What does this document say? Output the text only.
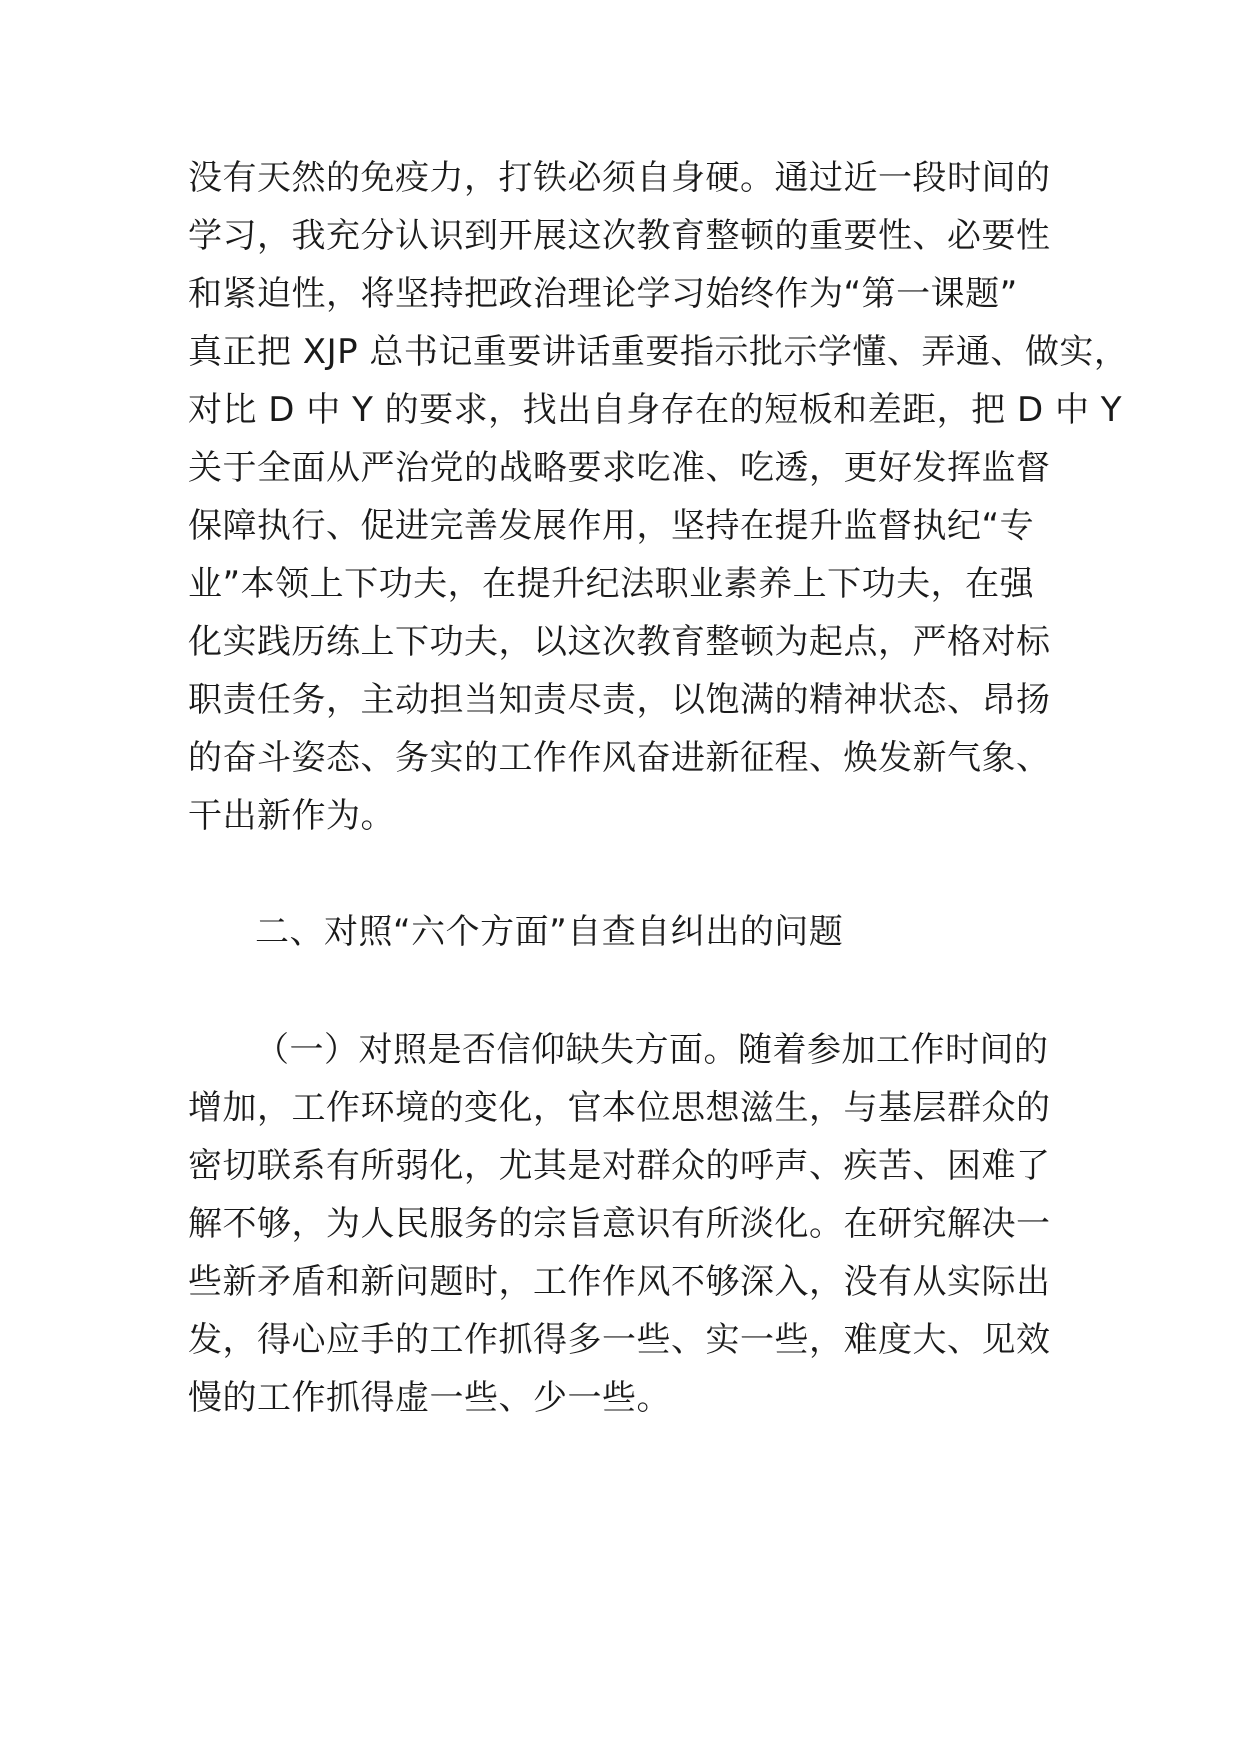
没有天然的免疫力，打铁必须自身硬。通过近一段时间的
学习，我充分认识到开展这次教育整顿的重要性、必要性
和紧迫性，将坚持把政治理论学习始终作为“第一课题”
真正把 XJP 总书记重要讲话重要指示批示学懂、弄通、做实，
对比 D 中 Y 的要求，找出自身存在的短板和差距，把 D 中 Y
关于全面从严治党的战略要求吃准、吃透，更好发挥监督
保障执行、促进完善发展作用，坚持在提升监督执纪“专
业”本领上下功夫，在提升纪法职业素养上下功夫，在强
化实践历练上下功夫，以这次教育整顿为起点，严格对标
职责任务，主动担当知责尽责，以饱满的精神状态、昂扬
的奋斗姿态、务实的工作作风奋进新征程、焕发新气象、
干出新作为。
二、对照“六个方面”自查自纠出的问题
（一）对照是否信仰缺失方面。随着参加工作时间的
增加，工作环境的变化，官本位思想滋生，与基层群众的
密切联系有所弱化，尤其是对群众的呼声、疾苦、困难了
解不够，为人民服务的宗旨意识有所淡化。在研究解决一
些新矛盾和新问题时，工作作风不够深入，没有从实际出
发，得心应手的工作抓得多一些、实一些，难度大、见效
慢的工作抓得虚一些、少一些。
